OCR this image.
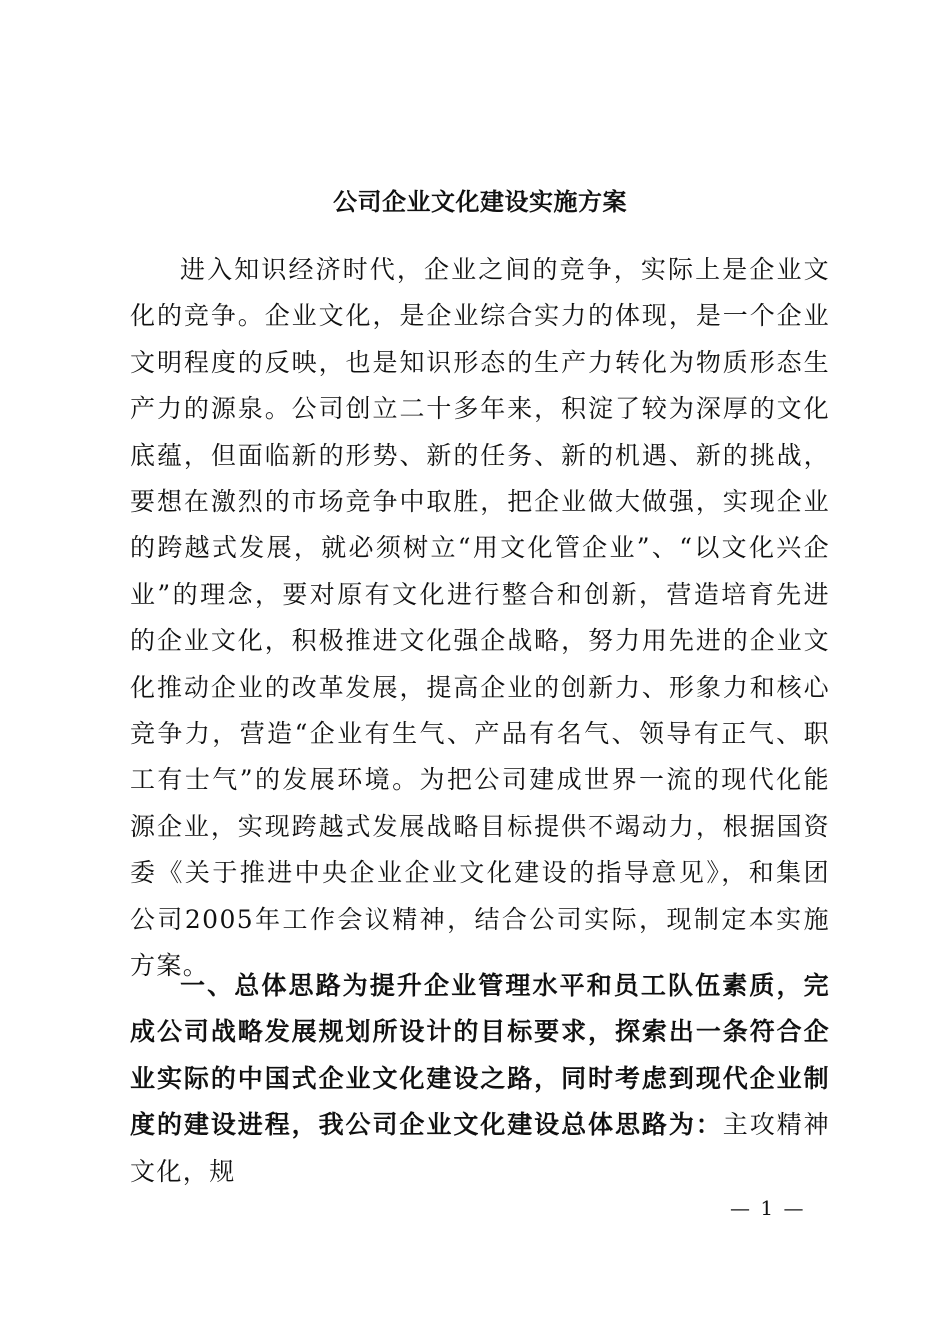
公司企业文化建设实施方案

进入知识经济时代，企业之间的竞争，实际上是企业文化的竞争。企业文化，是企业综合实力的体现，是一个企业文明程度的反映，也是知识形态的生产力转化为物质形态生产力的源泉。公司创立二十多年来，积淀了较为深厚的文化底蕴，但面临新的形势、新的任务、新的机遇、新的挑战，要想在激烈的市场竞争中取胜，把企业做大做强，实现企业的跨越式发展，就必须树立“用文化管企业”、“以文化兴企业”的理念，要对原有文化进行整合和创新，营造培育先进的企业文化，积极推进文化强企战略，努力用先进的企业文化推动企业的改革发展，提高企业的创新力、形象力和核心竞争力，营造“企业有生气、产品有名气、领导有正气、职工有士气”的发展环境。为把公司建成世界一流的现代化能源企业，实现跨越式发展战略目标提供不竭动力，根据国资委《关于推进中央企业企业文化建设的指导意见》，和集团公司2005年工作会议精神，结合公司实际，现制定本实施方案。

一、总体思路为提升企业管理水平和员工队伍素质，完成公司战略发展规划所设计的目标要求，探索出一条符合企业实际的中国式企业文化建设之路，同时考虑到现代企业制度的建设进程，我公司企业文化建设总体思路为：主攻精神文化，规

— 1 —
